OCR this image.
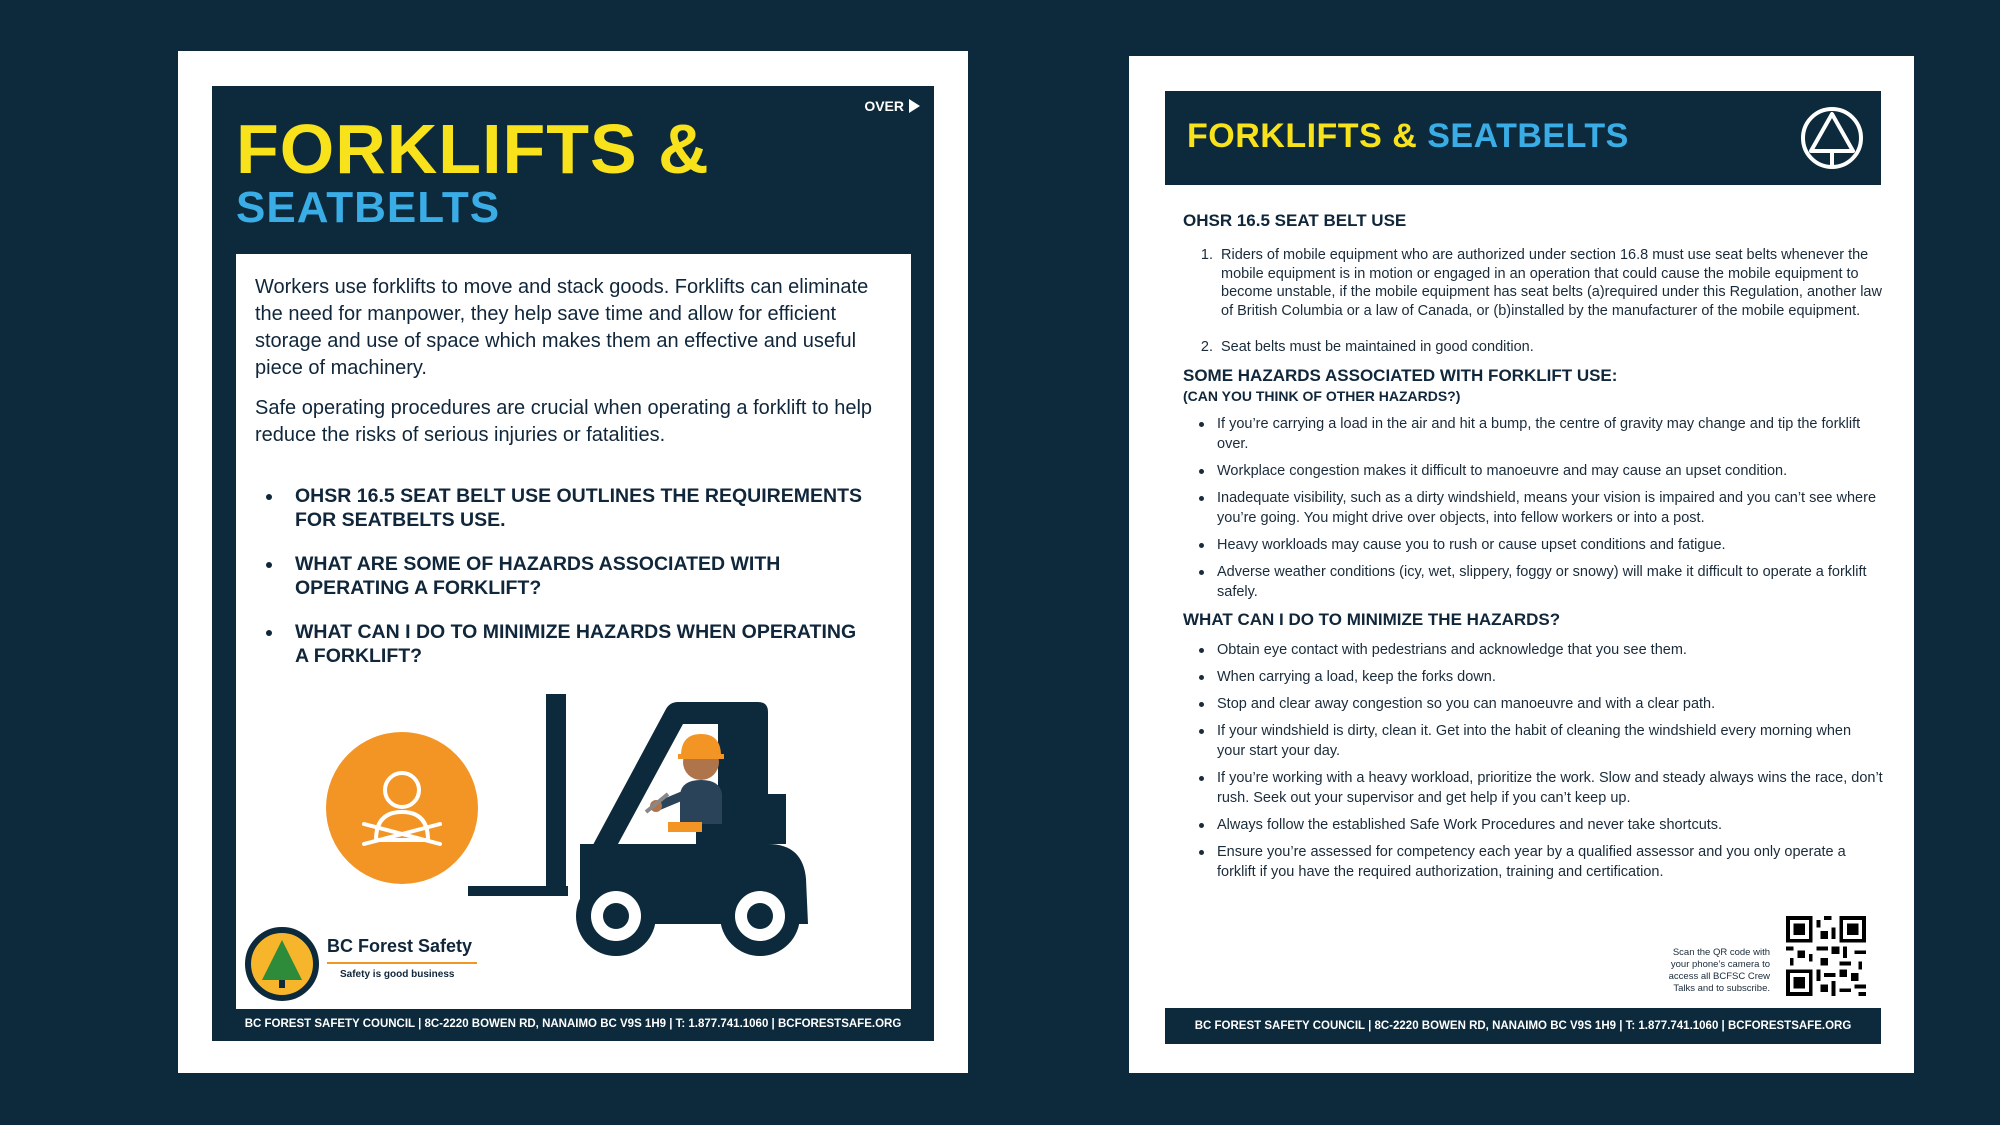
OVER
FORKLIFTS &
SEATBELTS

Workers use forklifts to move and stack goods. Forklifts can eliminate the need for manpower, they help save time and allow for efficient storage and use of space which makes them an effective and useful piece of machinery.

Safe operating procedures are crucial when operating a forklift to help reduce the risks of serious injuries or fatalities.

OHSR 16.5 SEAT BELT USE OUTLINES THE REQUIREMENTS FOR SEATBELTS USE.
WHAT ARE SOME OF HAZARDS ASSOCIATED WITH OPERATING A FORKLIFT?
WHAT CAN I DO TO MINIMIZE HAZARDS WHEN OPERATING A FORKLIFT?
BC Forest Safety
Safety is good business
BC FOREST SAFETY COUNCIL | 8C-2220 BOWEN RD, NANAIMO BC V9S 1H9 | T: 1.877.741.1060 | BCFORESTSAFE.ORG
FORKLIFTS & SEATBELTS
OHSR 16.5 SEAT BELT USE
1. Riders of mobile equipment who are authorized under section 16.8 must use seat belts whenever the mobile equipment is in motion or engaged in an operation that could cause the mobile equipment to become unstable, if the mobile equipment has seat belts (a)required under this Regulation, another law of British Columbia or a law of Canada, or (b)installed by the manufacturer of the mobile equipment.
2. Seat belts must be maintained in good condition.
SOME HAZARDS ASSOCIATED WITH FORKLIFT USE:
(CAN YOU THINK OF OTHER HAZARDS?)
If you’re carrying a load in the air and hit a bump, the centre of gravity may change and tip the forklift over.
Workplace congestion makes it difficult to manoeuvre and may cause an upset condition.
Inadequate visibility, such as a dirty windshield, means your vision is impaired and you can’t see where you’re going. You might drive over objects, into fellow workers or into a post.
Heavy workloads may cause you to rush or cause upset conditions and fatigue.
Adverse weather conditions (icy, wet, slippery, foggy or snowy) will make it difficult to operate a forklift safely.
WHAT CAN I DO TO MINIMIZE THE HAZARDS?
Obtain eye contact with pedestrians and acknowledge that you see them.
When carrying a load, keep the forks down.
Stop and clear away congestion so you can manoeuvre and with a clear path.
If your windshield is dirty, clean it. Get into the habit of cleaning the windshield every morning when your start your day.
If you’re working with a heavy workload, prioritize the work. Slow and steady always wins the race, don’t rush. Seek out your supervisor and get help if you can’t keep up.
Always follow the established Safe Work Procedures and never take shortcuts.
Ensure you’re assessed for competency each year by a qualified assessor and you only operate a forklift if you have the required authorization, training and certification.
Scan the QR code with your phone’s camera to access all BCFSC Crew Talks and to subscribe.
BC FOREST SAFETY COUNCIL | 8C-2220 BOWEN RD, NANAIMO BC V9S 1H9 | T: 1.877.741.1060 | BCFORESTSAFE.ORG
